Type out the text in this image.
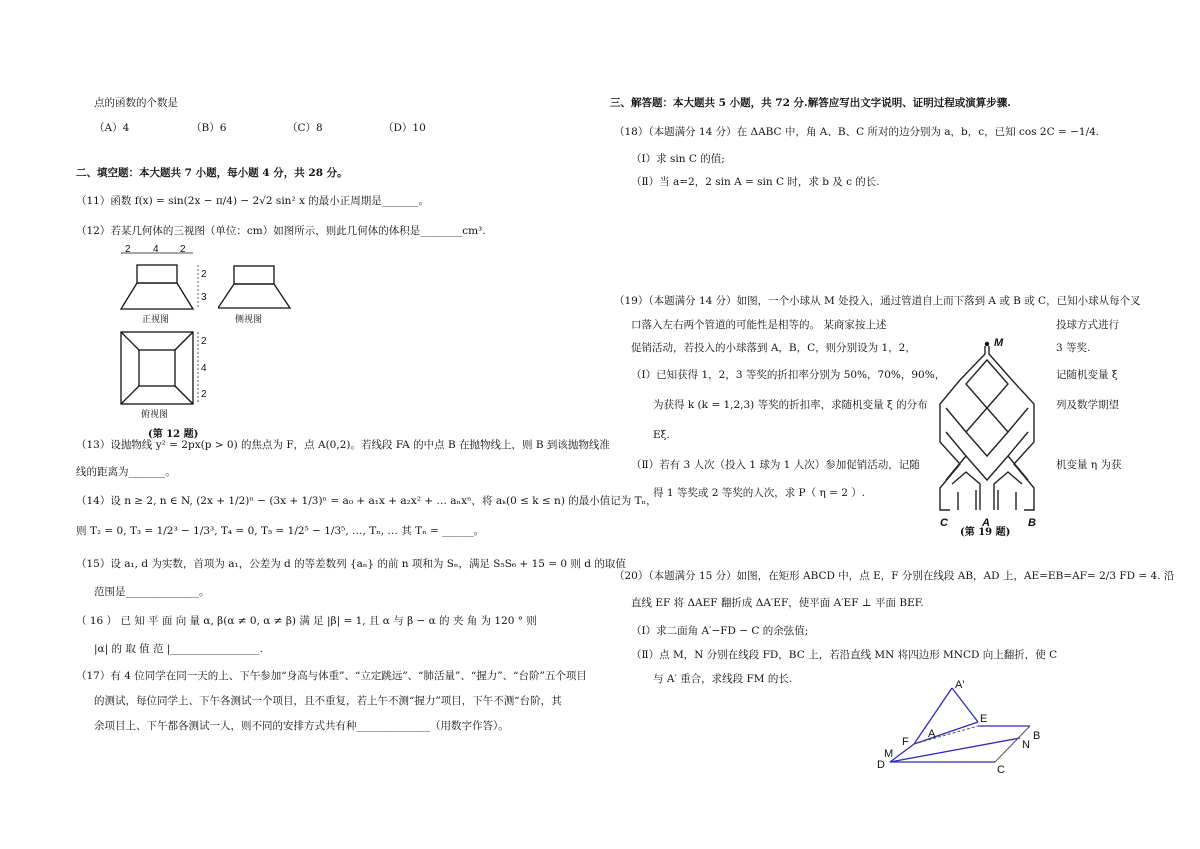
点的函数的个数是
（A）4	（B）6	（C）8	（D）10
二、填空题：本大题共 7 小题，每小题 4 分，共 28 分。
（11）函数 f(x) = sin(2x − π/4) − 2√2 sin² x 的最小正周期是_______。
（12）若某几何体的三视图（单位：cm）如图所示，则此几何体的体积是________cm³.
2 4 2
2
3
2
4
2
正视图
俯视图
侧视图
(第 12 题)
（13）设抛物线 y² = 2px(p > 0) 的焦点为 F，点 A(0,2)。若线段 FA 的中点 B 在抛物线上，则 B 到该抛物线准
线的距离为_______。
（14）设 n ≥ 2, n ∈ N, (2x + 1/2)ⁿ − (3x + 1/3)ⁿ = a₀ + a₁x + a₂x² + … aₙxⁿ，将 aₖ(0 ≤ k ≤ n) 的最小值记为 Tₙ，
则 T₂ = 0, T₃ = 1/2³ − 1/3³, T₄ = 0, T₅ = 1/2⁵ − 1/3⁵, …, Tₙ, … 其 Tₙ = ______。
（15）设 a₁, d 为实数，首项为 a₁，公差为 d 的等差数列 {aₙ} 的前 n 项和为 Sₙ，满足 S₅S₆ + 15 = 0 则 d 的取值
范围是______________。
（ 16 ） 已 知 平 面 向 量 α, β(α ≠ 0, α ≠ β) 满 足 |β| = 1, 且 α 与 β − α 的 夹 角 为 120 ° 则
|α| 的 取 值 范 |_________________.
（17）有 4 位同学在同一天的上、下午参加“身高与体重”、“立定跳远”、“肺活量”、“握力”、“台阶”五个项目
的测试，每位同学上、下午各测试一个项目，且不重复，若上午不测“握力”项目，下午不测“台阶，其
余项目上、下午都各测试一人，则不同的安排方式共有种______________（用数字作答）。
三、解答题：本大题共 5 小题，共 72 分.解答应写出文字说明、证明过程或演算步骤.
（18）（本题满分 14 分）在 ΔABC 中，角 A、B、C 所对的边分别为 a，b，c，已知 cos 2C = −1/4.
（Ⅰ）求 sin C 的值;
（Ⅱ）当 a=2，2 sin A = sin C 时，求 b 及 c 的长.
（19）（本题满分 14 分）如图，一个小球从 M 处投入，通过管道自上而下落到 A 或 B 或 C，已知小球从每个叉
口落入左右两个管道的可能性是相等的。 某商家按上述	投球方式进行
促销活动，若投入的小球落到 A，B，C，则分别设为 1，2，	3 等奖.
（Ⅰ）已知获得 1，2，3 等奖的折扣率分别为 50%，70%，90%，	记随机变量 ξ
为获得 k (k = 1,2,3) 等奖的折扣率，求随机变量 ξ 的分布	列及数学期望
Eξ.
（Ⅱ）若有 3 人次（投入 1 球为 1 人次）参加促销活动，记随	机变量 η 为获
得 1 等奖或 2 等奖的人次，求 P（ η = 2 ）.
M
C	A	B
(第 19 题)
（20）（本题满分 15 分）如图，在矩形 ABCD 中，点 E，F 分别在线段 AB，AD 上，AE=EB=AF= 2/3 FD = 4. 沿
直线 EF 将 ΔAEF 翻折成 ΔA′EF，使平面 A′EF ⊥ 平面 BEF.
（Ⅰ）求二面角 A′−FD − C 的余弦值;
（Ⅱ）点 M，N 分别在线段 FD，BC 上，若沿直线 MN 将四边形 MNCD 向上翻折，使 C
与 A′ 重合，求线段 FM 的长.	A'
E
A	B
F	N
M
D	C
